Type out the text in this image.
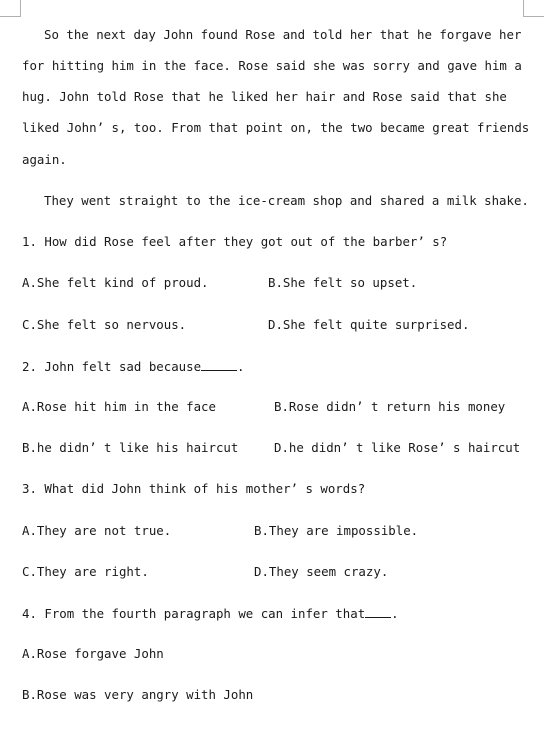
So the next day John found Rose and told her that he forgave her
for hitting him in the face. Rose said she was sorry and gave him a
hug. John told Rose that he liked her hair and Rose said that she
liked John’ s, too. From that point on, the two became great friends
again.
They went straight to the ice-cream shop and shared a milk shake.
1. How did Rose feel after they got out of the barber’ s?
A.She felt kind of proud.	B.She felt so upset.
C.She felt so nervous.	D.She felt quite surprised.
2. John felt sad because	.
A.Rose hit him in the face	B.Rose didn’ t return his money
B.he didn’ t like his haircut	D.he didn’ t like Rose’ s haircut
3. What did John think of his mother’ s words?
A.They are not true.	B.They are impossible.
C.They are right.	D.They seem crazy.
4. From the fourth paragraph we can infer that .
A.Rose forgave John
B.Rose was very angry with John
